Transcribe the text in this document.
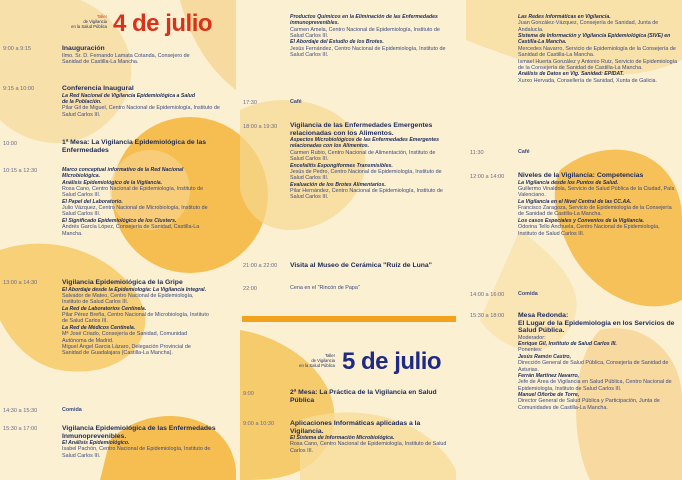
Taller
de Vigilancia
en la Salud Pública 4 de julio
9:00 a 9:15	Inauguración
Ilmo. Sr. D. Fernando Lamata Cotanda, Consejero de
Sanidad de Castilla-La Mancha.
9:15 a 10:00	Conferencia Inaugural
La Red Nacional de Vigilancia Epidemiológica a Salud
de la Población.
Pilar Gil de Miguel, Centro Nacional de Epidemiología, Instituto de Salud Carlos III.
10:00	1ª Mesa: La Vigilancia Epidemiológica de las Enfermedades
10:15 a 12:30	Marco conceptual informativo de la Red Nacional Microbiológica.
Análisis Epidemiológico de la Vigilancia.
Rosa Cano, Centro Nacional de Epidemiología, Instituto de Salud Carlos III.
El Papel del Laboratorio.
Julio Vázquez, Centro Nacional de Microbiología, Instituto de Salud Carlos III.
El Significado Epidemiológico de los Clusters.
Andrés García López, Consejería de Sanidad, Castilla-La Mancha.
13:00 a 14:30	Vigilancia Epidemiológica de la Gripe
El Abordaje desde la Epidemiología: La Vigilancia Integral.
Salvador de Mateo, Centro Nacional de Epidemiología, Instituto de Salud Carlos III.
La Red de Laboratorios Centinela.
Pilar Pérez Breña, Centro Nacional de Microbiología, Instituto de Salud Carlos III.
La Red de Médicos Centinela.
Mª José Criado, Consejería de Sanidad, Comunidad Autónoma de Madrid.
Miguel Ángel Garcia Lázaro, Delegación Provincial de Sanidad de Guadalajara (Castilla-La Mancha).
14:30 a 15:30	Comida
15:30 a 17:00	Vigilancia Epidemiológica de las Enfermedades Inmunoprevenibles.
El Análisis Epidemiológico.
Isabel Pachón, Centro Nacional de Epidemiología, Instituto de Salud Carlos III.
Productos Químicos en la Eliminación de las Enfermedades inmunoprevenibles.
Carmen Amela, Centro Nacional de Epidemiología, Instituto de Salud Carlos III.
El Abordaje del Estudio de los Brotes.
Jesús Fernández, Centro Nacional de Epidemiología, Instituto de Salud Carlos III.
17:30	Café
18:00 a 19:30 Vigilancia de las Enfermedades Emergentes relacionadas con los Alimentos.
Aspectos Microbiológicos de las Enfermedades Emergentes relacionadas con los Alimentos.
Carmen Rubio, Centro Nacional de Alimentación, Instituto de Salud Carlos III.
Encefalitis Espongiformes Transmisibles.
Jesús de Pedro, Centro Nacional de Epidemiología, Instituto de Salud Carlos III.
Evaluación de los Brotes Alimentarios.
Pilar Hernández, Centro Nacional de Epidemiología, Instituto de Salud Carlos III.
21:00 a 22:00 Visita al Museo de Cerámica "Ruiz de Luna"
22:00	Cena en el "Rincón de Papa"
Taller
de Vigilancia
en la Salud Pública 5 de julio
9:00	2ª Mesa: La Práctica de la Vigilancia en Salud Pública
9:00 a 10:30 Aplicaciones Informáticas aplicadas a la Vigilancia.
El Sistema de Información Microbiológica.
Rosa Cano, Centro Nacional de Epidemiología, Instituto de Salud Carlos III.
Las Redes Informáticas en Vigilancia.
Juan González-Vázquez, Consejería de Sanidad, Junta de Andalucía.
Sistema de Información y Vigilancia Epidemiológica (SIVE) en Castilla-La Mancha.
Mercedes Navarro, Servicio de Epidemiología de la Consejería de Sanidad de Castilla-La Mancha.
Ismael Huerta González y Antonio Ruiz, Servicio de Epidemiología de la Consejería de Sanidad de Castilla-La Mancha.
Análisis de Datos en Vig. Sanidad: EPIDAT.
Xurxo Hervada, Consellería de Sanidad, Xunta de Galicia.
11:30	Café
12:00 a 14:00 Niveles de la Vigilancia: Competencias
La Vigilancia desde los Puntos de Salud.
Guillermo Vinaldola, Servicio de Salud Pública de la Ciudad, País Valenciano.
La Vigilancia en el Nivel Central de las CC.AA.
Francisco Zaragoza, Servicio de Epidemiología de la Consejería de Sanidad de Castilla-La Mancha.
Los casos Especiales y Convenios de la Vigilancia.
Odorina Tello Anchuela, Centro Nacional de Epidemiología, Instituto de Salud Carlos III.
14:00 a 16:00	Comida
15:30 a 18:00 Mesa Redonda:
El Lugar de la Epidemiología en los Servicios de Salud Pública.
Moderador:
Enrique Gil, Instituto de Salud Carlos III.
Ponentes:
Jesús Ramón Castro,
Dirección General de Salud Pública, Consejería de Sanidad de Asturias.
Ferrán Martínez Navarro,
Jefe de Área de Vigilancia en Salud Pública, Centro Nacional de Epidemiología, Instituto de Salud Carlos III.
Manuel Oñorbe de Torre,
Director General de Salud Pública y Participación, Junta de Comunidades de Castilla-La Mancha.
